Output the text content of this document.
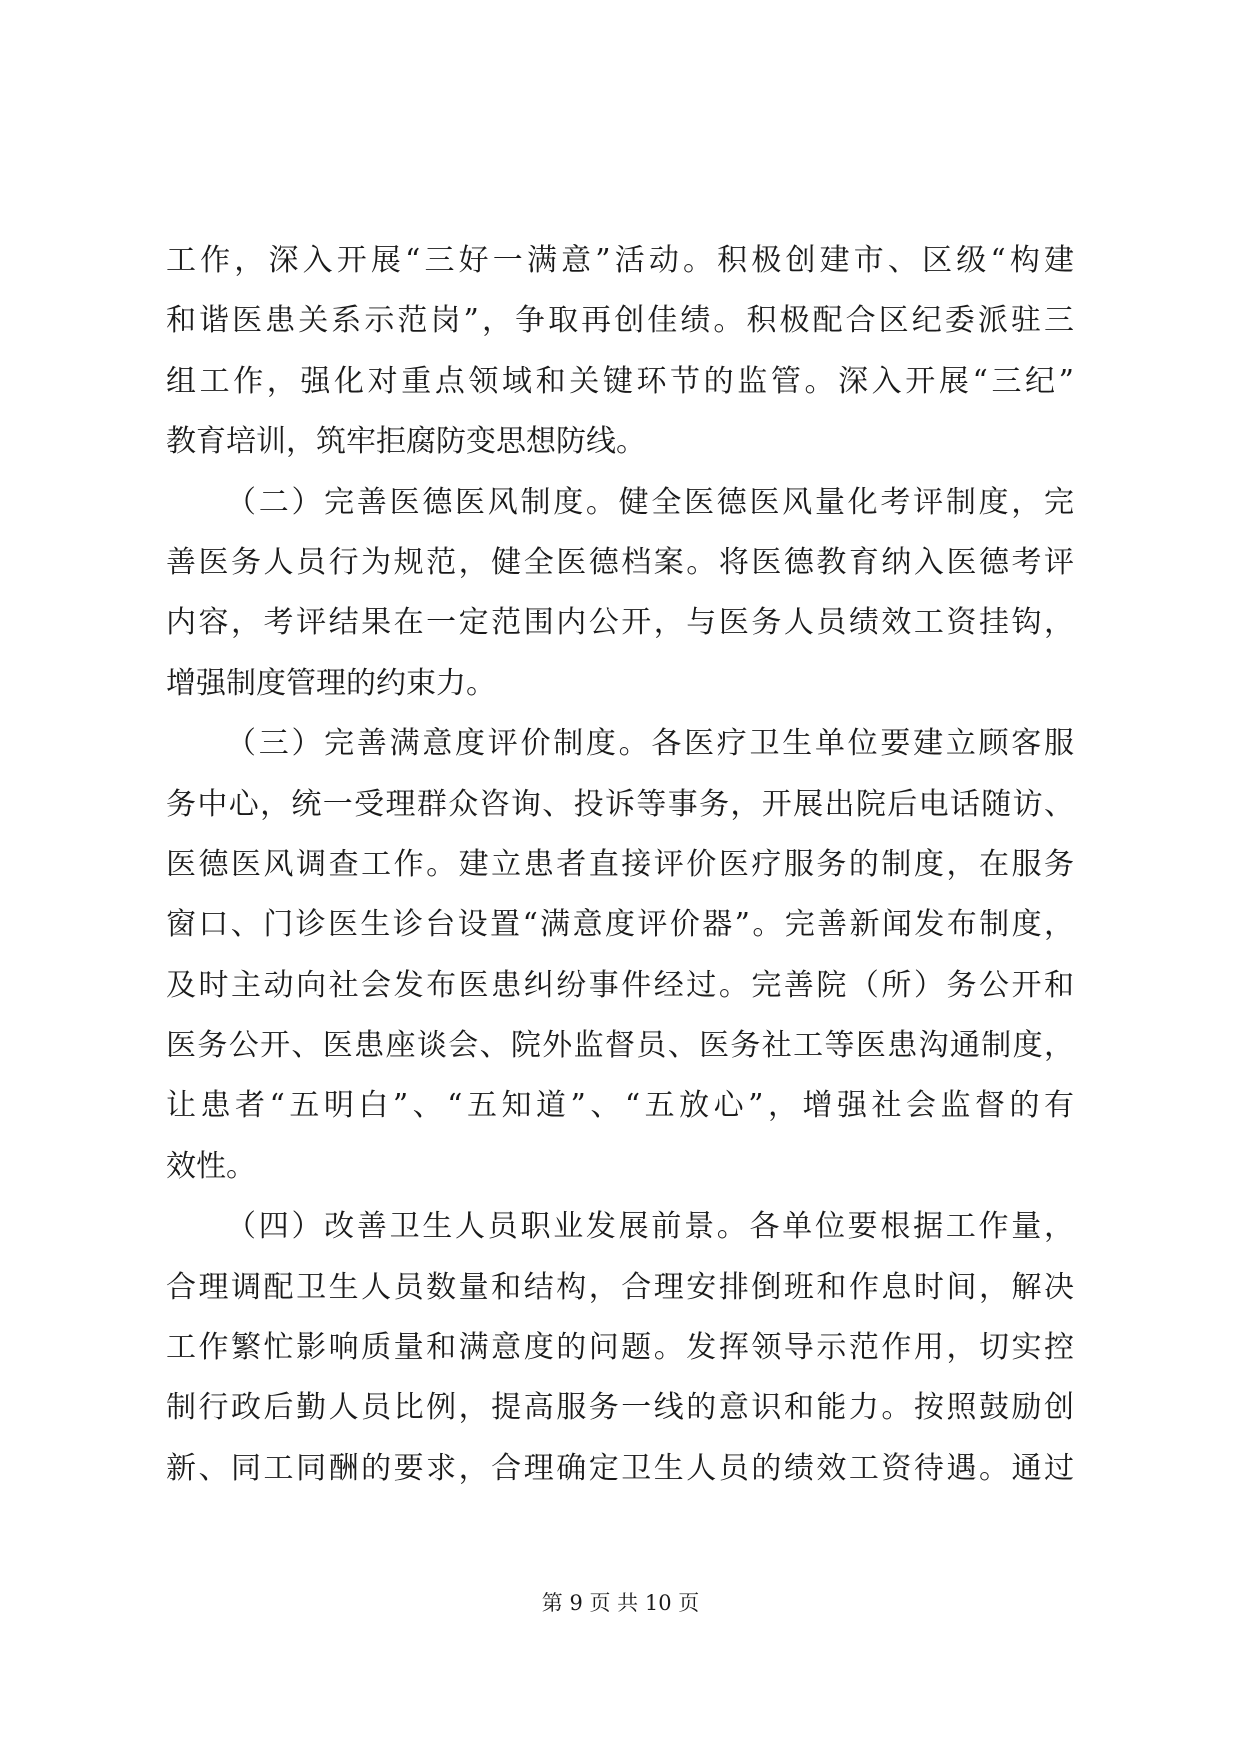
工作，深入开展“三好一满意”活动。积极创建市、区级“构建
和谐医患关系示范岗”，争取再创佳绩。积极配合区纪委派驻三
组工作，强化对重点领域和关键环节的监管。深入开展“三纪”
教育培训，筑牢拒腐防变思想防线。
（二）完善医德医风制度。健全医德医风量化考评制度，完
善医务人员行为规范，健全医德档案。将医德教育纳入医德考评
内容，考评结果在一定范围内公开，与医务人员绩效工资挂钩，
增强制度管理的约束力。
（三）完善满意度评价制度。各医疗卫生单位要建立顾客服
务中心，统一受理群众咨询、投诉等事务，开展出院后电话随访、
医德医风调查工作。建立患者直接评价医疗服务的制度，在服务
窗口、门诊医生诊台设置“满意度评价器”。完善新闻发布制度，
及时主动向社会发布医患纠纷事件经过。完善院（所）务公开和
医务公开、医患座谈会、院外监督员、医务社工等医患沟通制度，
让患者“五明白”、“五知道”、“五放心”，增强社会监督的有
效性。
（四）改善卫生人员职业发展前景。各单位要根据工作量，
合理调配卫生人员数量和结构，合理安排倒班和作息时间，解决
工作繁忙影响质量和满意度的问题。发挥领导示范作用，切实控
制行政后勤人员比例，提高服务一线的意识和能力。按照鼓励创
新、同工同酬的要求，合理确定卫生人员的绩效工资待遇。通过
第 9 页 共 10 页
